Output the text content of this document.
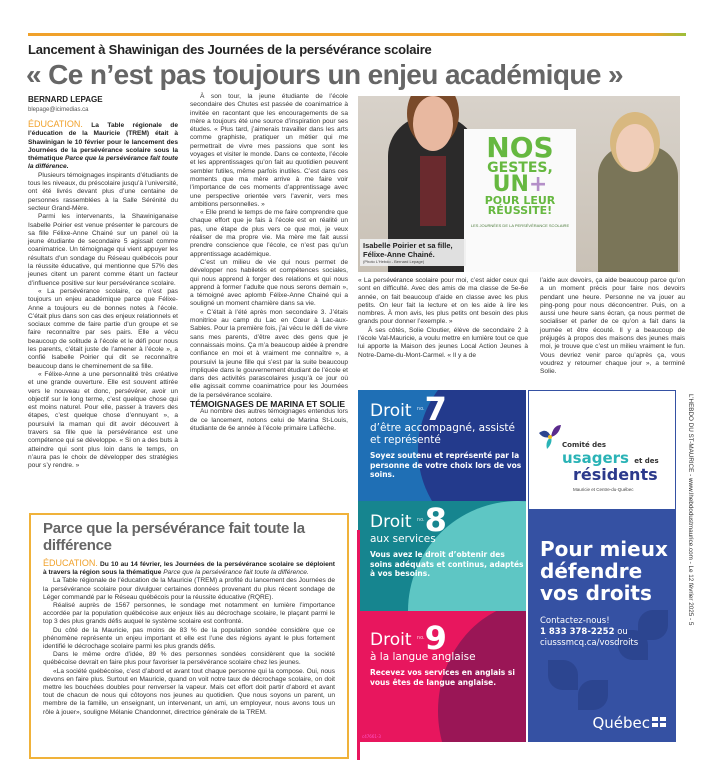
Lancement à Shawinigan des Journées de la persévérance scolaire
« Ce n’est pas toujours un enjeu académique »
BERNARD LEPAGE
blepage@icimedias.ca

ÉDUCATION. La Table régionale de l’éducation de la Mauricie (TREM) était à Shawinigan le 10 février pour le lancement des Journées de la persévérance scolaire sous la thématique Parce que la persévérance fait toute la différence.

Plusieurs témoignages inspirants d’étudiants de tous les niveaux, du préscolaire jusqu’à l’université, ont été livrés devant plus d’une centaine de personnes rassemblées à la Salle Sérénité du secteur Grand-Mère.

Parmi les intervenants, la Shawiniganaise Isabelle Poirier est venue présenter le parcours de sa fille Félixe-Anne Chainé sur un panel où la jeune étudiante de secondaire 5 agissait comme coanimatrice. Un témoignage qui vient appuyer les résultats d’un sondage du Réseau québécois pour la réussite éducative, qui mentionne que 57% des jeunes citent un parent comme étant un facteur d’influence positive sur leur persévérance scolaire.

« La persévérance scolaire, ce n’est pas toujours un enjeu académique parce que Félixe-Anne a toujours eu de bonnes notes à l’école. C’était plus dans son cas des enjeux relationnels et sociaux comme de faire partie d’un groupe et se faire reconnaître par ses pairs. Elle a vécu beaucoup de solitude à l’école et le défi pour nous les parents, c’était juste de l’amener à l’école », a confié Isabelle Poirier qui dit se reconnaître beaucoup dans le cheminement de sa fille.

« Félixe-Anne a une personnalité très créative et une grande ouverture. Elle est souvent attirée vers le nouveau et donc, persévérer, avoir un objectif sur le long terme, c’est quelque chose qui est moins naturel. Pour elle, passer à travers des étapes, c’est quelque chose d’ennuyant », a poursuivi la maman qui dit avoir découvert à travers sa fille que la persévérance est une compétence qui se développe. « Si on a des buts à atteindre qui sont plus loin dans le temps, on n’aura pas le choix de développer des stratégies pour s’y rendre. »

À son tour, la jeune étudiante de l’école secondaire des Chutes est passée de coanimatrice à invitée en racontant que les encouragements de sa mère a toujours été une source d’inspiration pour ses études. « Plus tard, j’aimerais travailler dans les arts comme graphiste, pratiquer un métier qui me permettrait de vivre mes passions que sont les voyages et visiter le monde. Dans ce contexte, l’école et les apprentissages qu’on fait au quotidien peuvent sembler futiles, même parfois inutiles. C’est dans ces moments que ma mère arrive à me faire voir l’importance de ces moments d’apprentissage avec une perspective orientée vers l’avenir, vers mes ambitions personnelles. »

« Elle prend le temps de me faire comprendre que chaque effort que je fais à l’école est en réalité un pas, une étape de plus vers ce que moi, je veux réaliser de ma propre vie. Ma mère me fait aussi prendre conscience que l’école, ce n’est pas qu’un apprentissage académique.

C’est un milieu de vie qui nous permet de développer nos habiletés et compétences sociales, qui nous apprend à forger des relations et qui nous apprend à former l’adulte que nous serons demain », a témoigné avec aplomb Félixe-Anne Chainé qui a souligné un moment charnière dans sa vie.

« C’était à l’été après mon secondaire 3. J’étais monitrice au camp du Lac en Cœur à Lac-aux-Sables. Pour la première fois, j’ai vécu le défi de vivre sans mes parents, d’être avec des gens que je connaissais moins. Ça m’a beaucoup aidée à prendre confiance en moi et à vraiment me connaître », a poursuivi la jeune fille qui s’est par la suite beaucoup impliquée dans le gouvernement étudiant de l’école et dans des activités parascolaires jusqu’à ce jour où elle agissait comme coanimatrice pour les Journées de la persévérance scolaire.

TÉMOIGNAGES DE MARINA ET SOLIE

Au nombre des autres témoignages entendus lors de ce lancement, notons celui de Marina St-Louis, étudiante de 6e année à l’école primaire Laflèche.

NOS
GESTES,
UN+
POUR LEUR
RÉUSSITE!
LES JOURNÉES DE LA PERSÉVÉRANCE SCOLAIRE
Isabelle Poirier et sa fille, Félixe-Anne Chainé.
(Photo L’Hebdo - Bernard Lepage)

« La persévérance scolaire pour moi, c’est aider ceux qui sont en difficulté. Avec des amis de ma classe de 5e-6e année, on fait beaucoup d’aide en classe avec les plus petits. On leur fait la lecture et on les aide à lire les nombres. À mon avis, les plus petits ont besoin des plus grands pour donner l’exemple. »

À ses côtés, Solie Cloutier, élève de secondaire 2 à l’école Val-Mauricie, a voulu mettre en lumière tout ce que lui apporte la Maison des jeunes Local Action Jeunes à Notre-Dame-du-Mont-Carmel. « Il y a de

l’aide aux devoirs, ça aide beaucoup parce qu’on a un moment précis pour faire nos devoirs pendant une heure. Personne ne va jouer au ping-pong pour nous déconcentrer. Puis, on a aussi une heure sans écran, ça nous permet de socialiser et parler de ce qu’on a fait dans la journée et être écouté. Il y a beaucoup de préjugés à propos des maisons des jeunes mais moi, je trouve que c’est un milieu vraiment le fun. Vous devriez venir parce qu’après ça, vous voudrez y retourner chaque jour », a terminé Solie.

Droit $^{no.}$7
d’être accompagné, assisté et représenté
Soyez soutenu et représenté par la personne de votre choix lors de vos soins.
Droit $^{no.}$8
aux services
Vous avez le droit d’obtenir des soins adéquats et continus, adaptés à vos besoins.
Droit $^{no.}$9
à la langue anglaise
Recevez vos services en anglais si vous êtes de langue anglaise.
c47661-3
Comité des
usagers et des
résidents
Mauricie et Centre-du-Québec
Pour mieux défendre vos droits
Contactez-nous!
1 833 378-2252 ou
ciusssmcq.ca/vosdroits
Québec
L’HEBDO DU ST-MAURICE - www.lhebdodustmaurice.com - Le 12 février 2025 - 5
Parce que la persévérance fait toute la différence

ÉDUCATION. Du 10 au 14 février, les Journées de la persévérance scolaire se déploient à travers la région sous la thématique Parce que la persévérance fait toute la différence.

La Table régionale de l’éducation de la Mauricie (TREM) a profité du lancement des Journées de la persévérance scolaire pour divulguer certaines données provenant du plus récent sondage de Léger commandé par le Réseau québécois pour la réussite éducative (RQRE).

Réalisé auprès de 1567 personnes, le sondage met notamment en lumière l’importance accordée par la population québécoise aux enjeux liés au décrochage scolaire, le plaçant parmi le top 3 des plus grands défis auquel le système scolaire est confronté.

Du côté de la Mauricie, pas moins de 83 % de la population sondée considère que ce phénomène représente un enjeu important et elle est l’une des régions ayant le plus fortement identifié le décrochage scolaire parmi les plus grands défis.

Dans le même ordre d’idée, 89 % des personnes sondées considèrent que la société québécoise devrait en faire plus pour favoriser la persévérance scolaire chez les jeunes.

«La société québécoise, c’est d’abord et avant tout chaque personne qui la compose. Oui, nous devons en faire plus. Surtout en Mauricie, quand on voit notre taux de décrochage scolaire, on doit mettre les bouchées doubles pour renverser la vapeur. Mais cet effort doit partir d’abord et avant tout de chacun de nous qui côtoyons nos jeunes au quotidien. Que nous soyons un parent, un membre de la famille, un enseignant, un intervenant, un ami, un employeur, nous avons tous un rôle à jouer», souligne Mélanie Chandonnet, directrice générale de la TREM.
